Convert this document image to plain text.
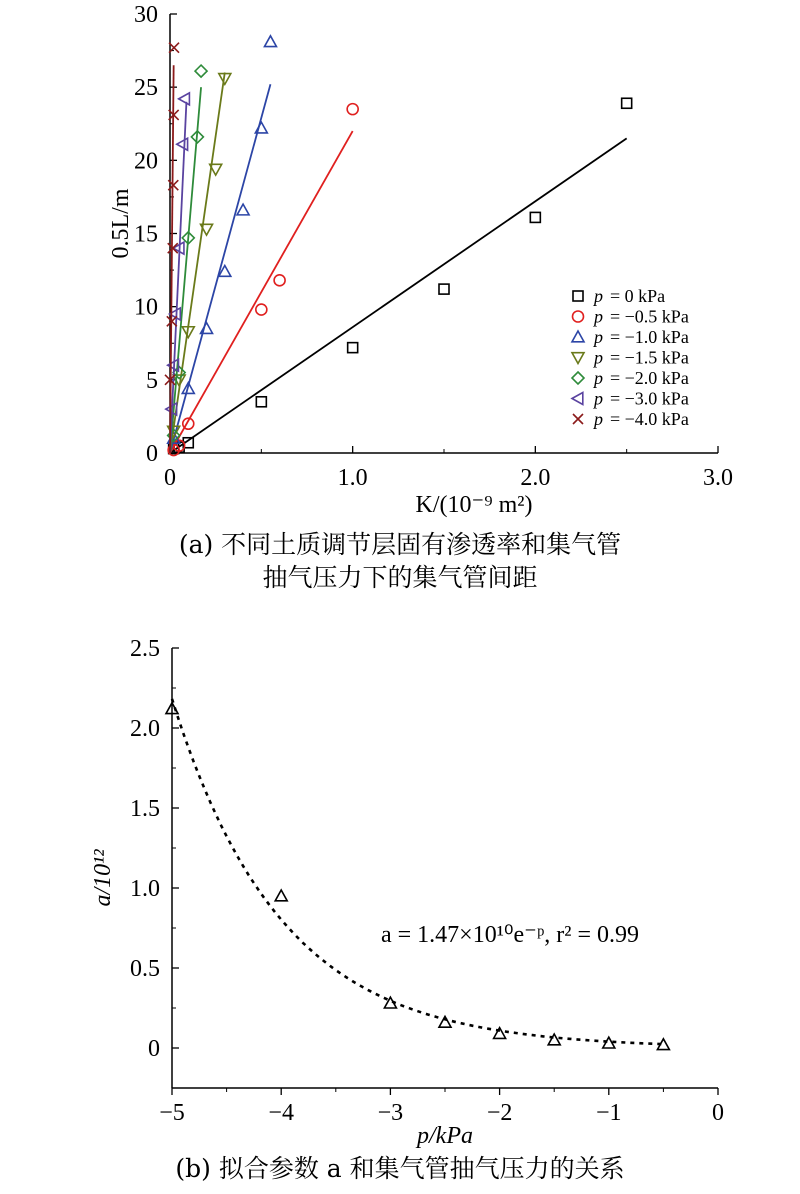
0
5
10
15
20
25
30
0	1.0	2.0	3.0
K/(10⁻⁹ m²)
0.5L/m
p = 0 kPa
p = −0.5 kPa
p = −1.0 kPa
p = −1.5 kPa
p = −2.0 kPa
p = −3.0 kPa
p = −4.0 kPa
0
0.5
1.0
1.5
2.0
2.5
−5	−4	−3	−2	−1	0
p/kPa
a/10¹²
a = 1.47×10¹⁰e⁻ᵖ, r² = 0.99
(a) 不同土质调节层固有渗透率和集气管
抽气压力下的集气管间距
(b) 拟合参数 a 和集气管抽气压力的关系
